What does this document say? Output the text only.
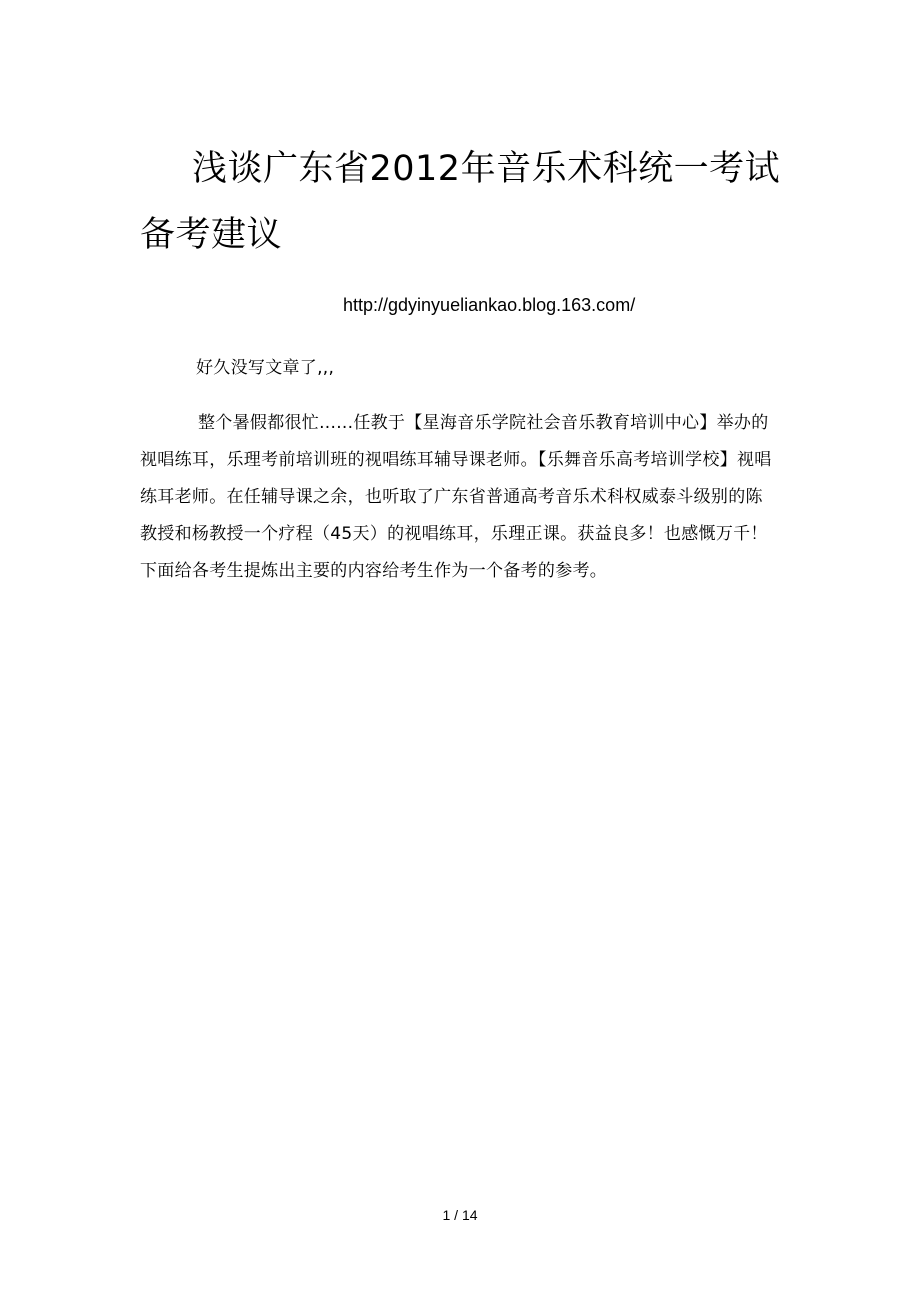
浅谈广东省2012年音乐术科统一考试备考建议
http://gdyinyueliankao.blog.163.com/

好久没写文章了,,,

整个暑假都很忙......任教于【星海音乐学院社会音乐教育培训中心】举办的视唱练耳，乐理考前培训班的视唱练耳辅导课老师。【乐舞音乐高考培训学校】视唱练耳老师。在任辅导课之余，也听取了广东省普通高考音乐术科权威泰斗级别的陈教授和杨教授一个疗程（45天）的视唱练耳，乐理正课。获益良多！也感慨万千！下面给各考生提炼出主要的内容给考生作为一个备考的参考。

1 / 14
